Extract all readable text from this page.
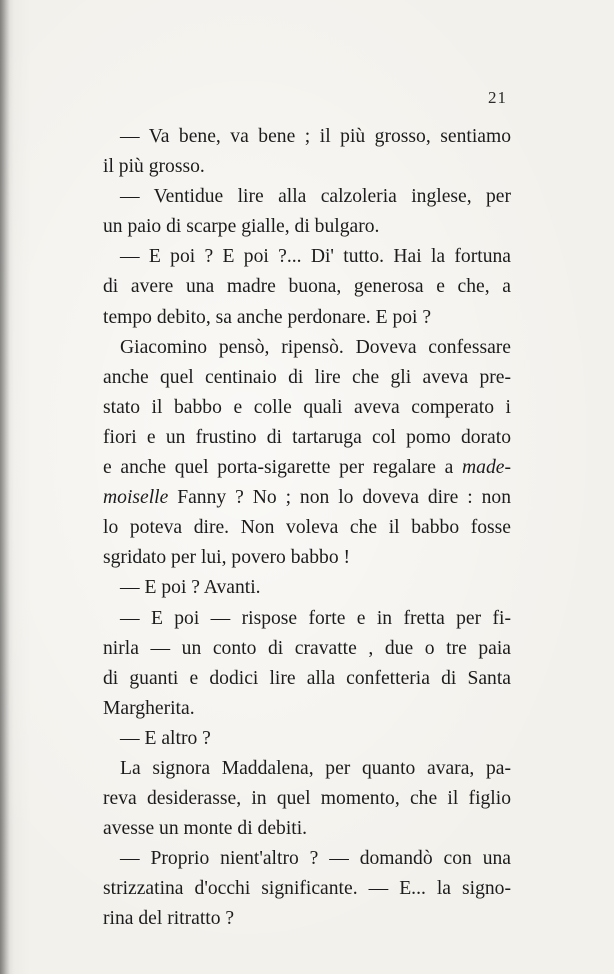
21
— Va bene, va bene ; il più grosso, sentiamo
il più grosso.
— Ventidue lire alla calzoleria inglese, per
un paio di scarpe gialle, di bulgaro.
— E poi ? E poi ?... Di' tutto. Hai la fortuna
di avere una madre buona, generosa e che, a
tempo debito, sa anche perdonare. E poi ?
Giacomino pensò, ripensò. Doveva confessare
anche quel centinaio di lire che gli aveva pre-
stato il babbo e colle quali aveva comperato i
fiori e un frustino di tartaruga col pomo dorato
e anche quel porta-sigarette per regalare a made-
moiselle Fanny ? No ; non lo doveva dire : non
lo poteva dire. Non voleva che il babbo fosse
sgridato per lui, povero babbo !
— E poi ? Avanti.
— E poi — rispose forte e in fretta per fi-
nirla — un conto di cravatte , due o tre paia
di guanti e dodici lire alla confetteria di Santa
Margherita.
— E altro ?
La signora Maddalena, per quanto avara, pa-
reva desiderasse, in quel momento, che il figlio
avesse un monte di debiti.
— Proprio nient'altro ? — domandò con una
strizzatina d'occhi significante. — E... la signo-
rina del ritratto ?
